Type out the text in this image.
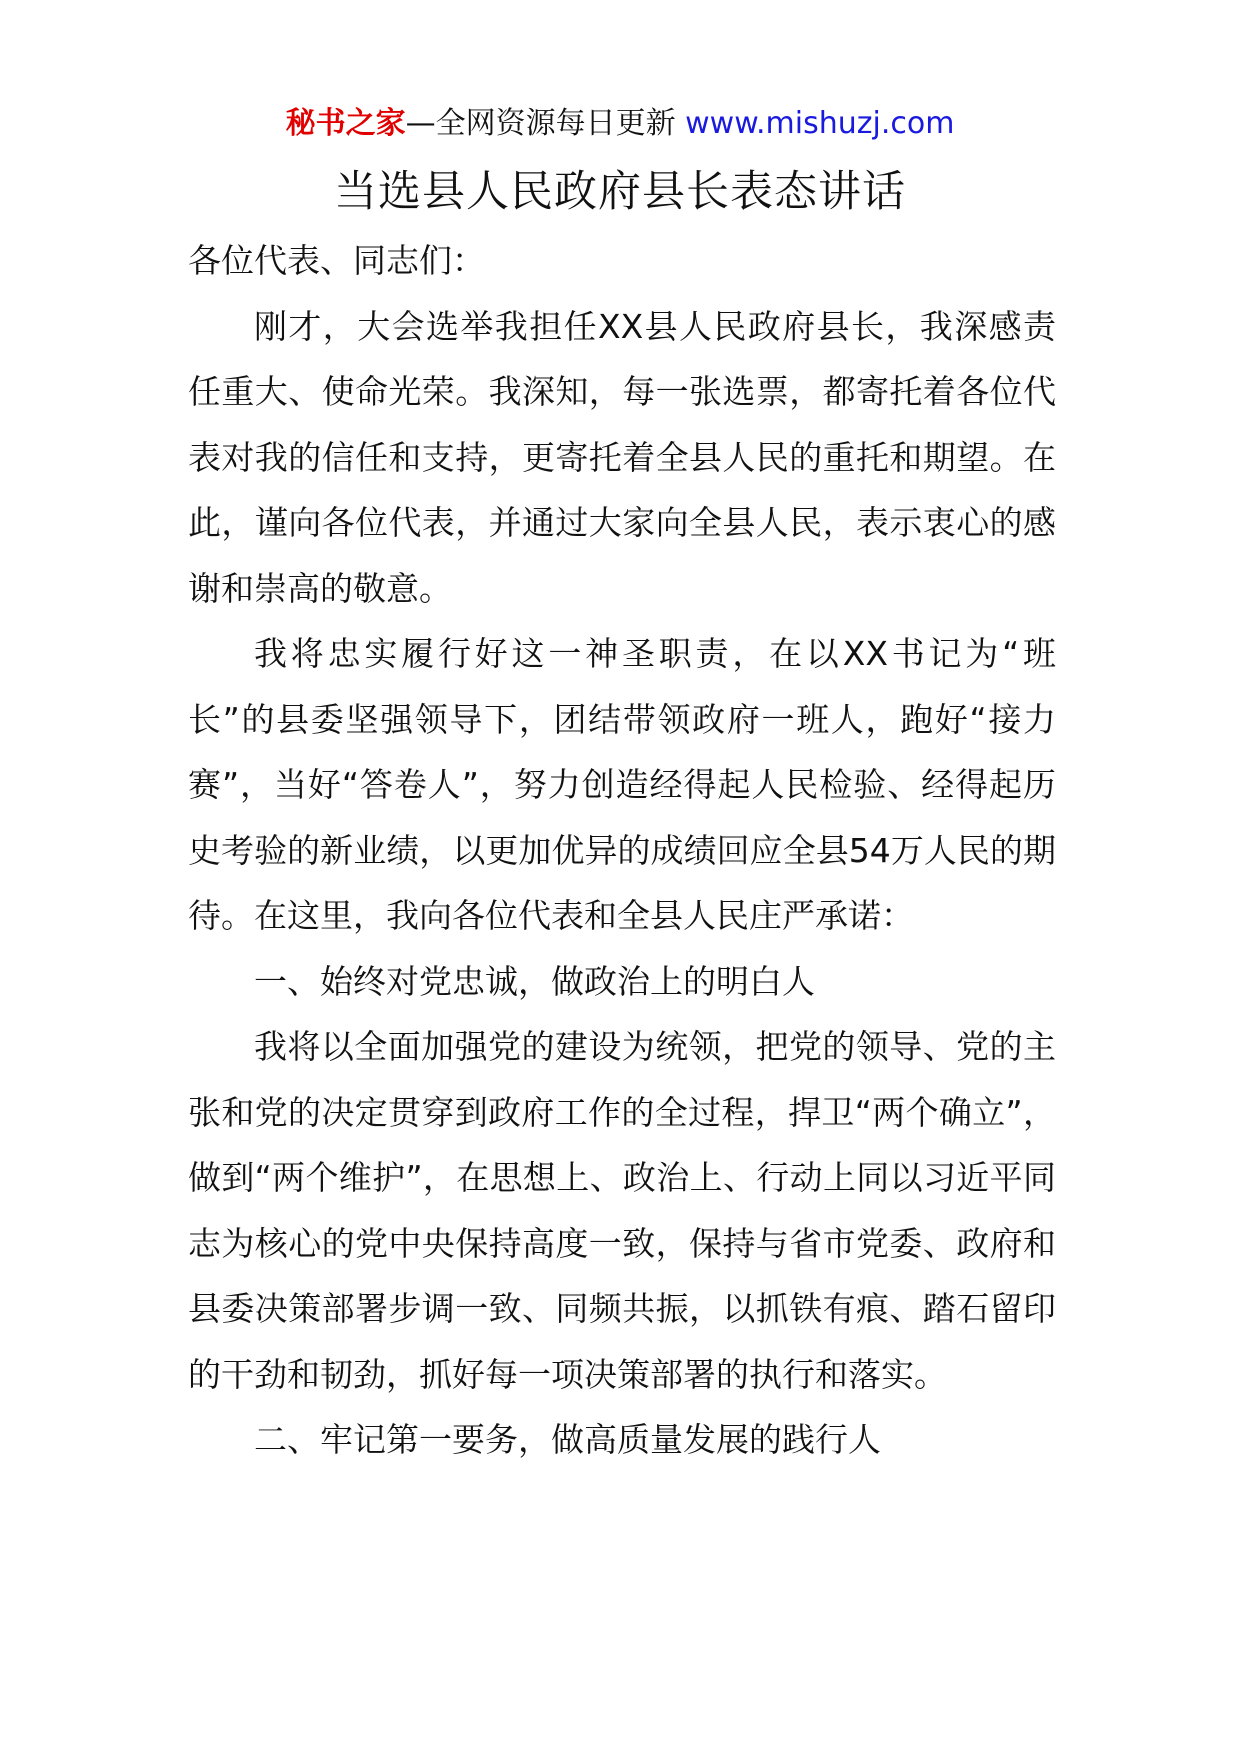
秘书之家—全网资源每日更新 www.mishuzj.com
当选县人民政府县长表态讲话

各位代表、同志们：

刚才，大会选举我担任XX县人民政府县长，我深感责任重大、使命光荣。我深知，每一张选票，都寄托着各位代表对我的信任和支持，更寄托着全县人民的重托和期望。在此，谨向各位代表，并通过大家向全县人民，表示衷心的感谢和崇高的敬意。

我将忠实履行好这一神圣职责，在以XX书记为“班长”的县委坚强领导下，团结带领政府一班人，跑好“接力赛”，当好“答卷人”，努力创造经得起人民检验、经得起历史考验的新业绩，以更加优异的成绩回应全县54万人民的期待。在这里，我向各位代表和全县人民庄严承诺：

一、始终对党忠诚，做政治上的明白人

我将以全面加强党的建设为统领，把党的领导、党的主张和党的决定贯穿到政府工作的全过程，捍卫“两个确立”，做到“两个维护”，在思想上、政治上、行动上同以习近平同志为核心的党中央保持高度一致，保持与省市党委、政府和县委决策部署步调一致、同频共振，以抓铁有痕、踏石留印的干劲和韧劲，抓好每一项决策部署的执行和落实。

二、牢记第一要务，做高质量发展的践行人
